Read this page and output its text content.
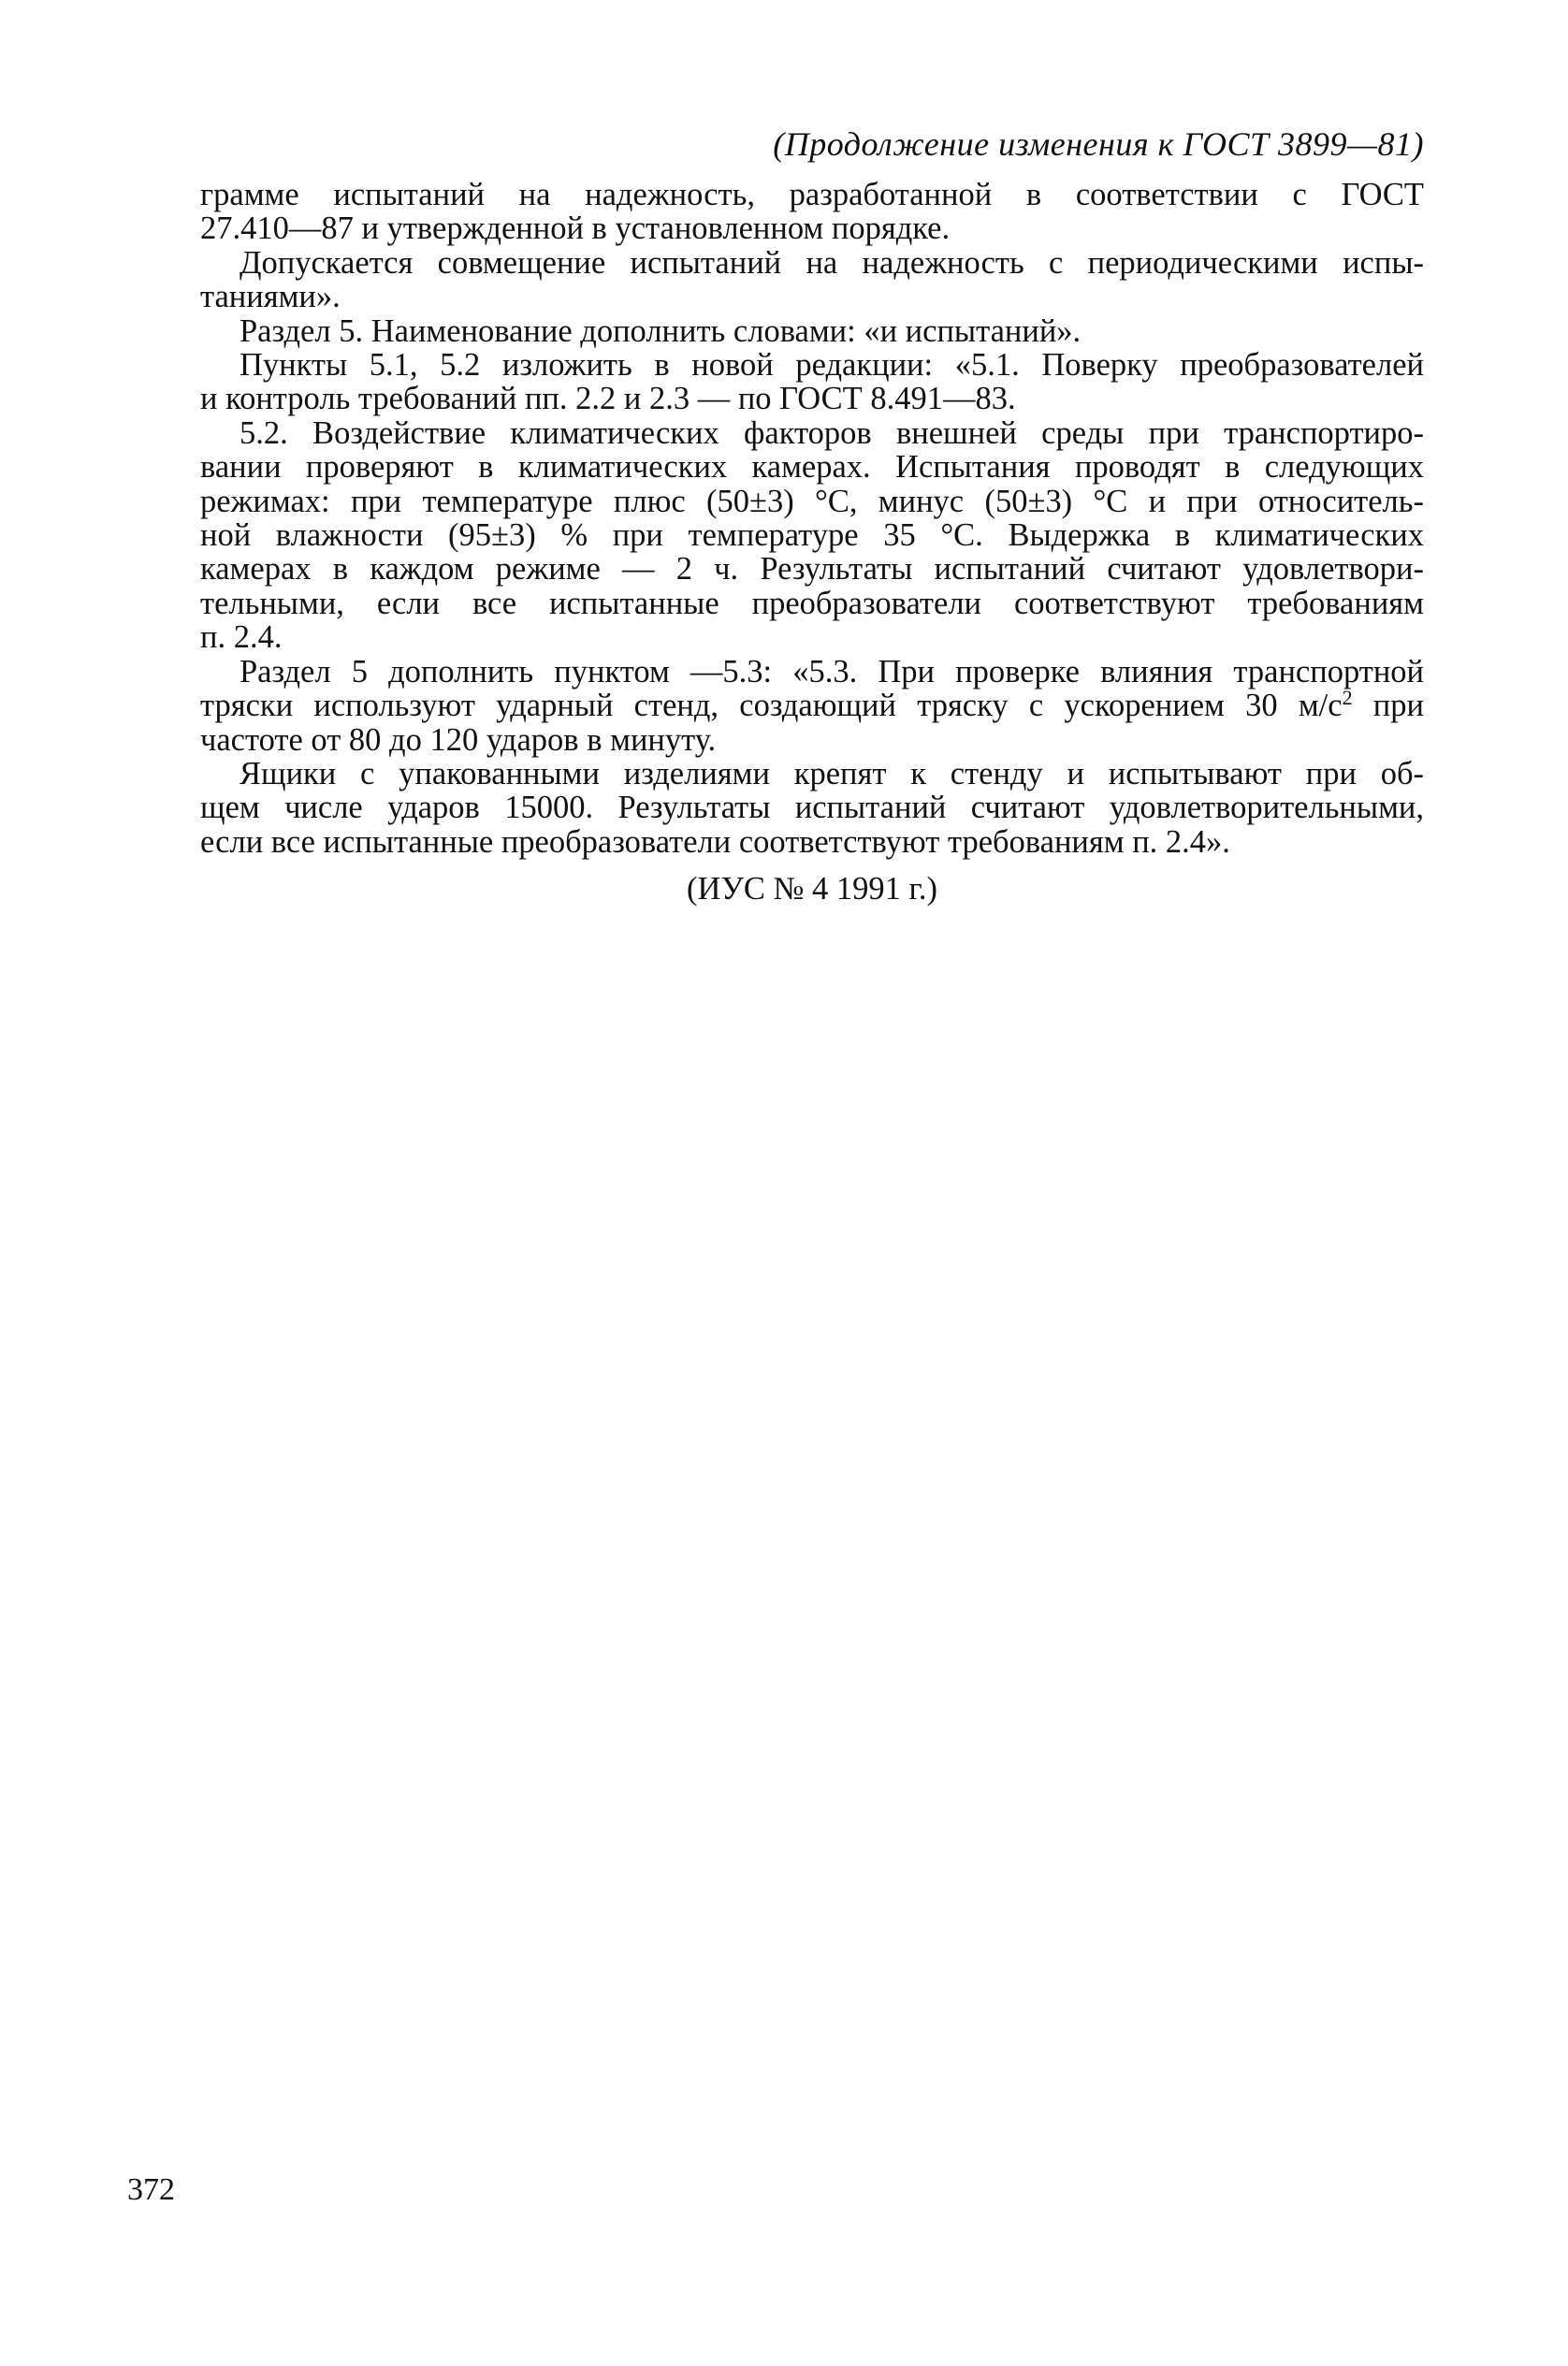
(Продолжение изменения к ГОСТ 3899—81)
грамме испытаний на надежность, разработанной в соответствии с ГОСТ
27.410—87 и утвержденной в установленном порядке.
Допускается совмещение испытаний на надежность с периодическими испы-
таниями».
Раздел 5. Наименование дополнить словами: «и испытаний».
Пункты 5.1, 5.2 изложить в новой редакции: «5.1. Поверку преобразователей
и контроль требований пп. 2.2 и 2.3 — по ГОСТ 8.491—83.
5.2. Воздействие климатических факторов внешней среды при транспортиро-
вании проверяют в климатических камерах. Испытания проводят в следующих
режимах: при температуре плюс (50±3) °С, минус (50±3) °С и при относитель-
ной влажности (95±3) % при температуре 35 °С. Выдержка в климатических
камерах в каждом режиме — 2 ч. Результаты испытаний считают удовлетвори-
тельными, если все испытанные преобразователи соответствуют требованиям
п. 2.4.
Раздел 5 дополнить пунктом —5.3: «5.3. При проверке влияния транспортной
тряски используют ударный стенд, создающий тряску с ускорением 30 $м/с^2$ при
частоте от 80 до 120 ударов в минуту.
Ящики с упакованными изделиями крепят к стенду и испытывают при об-
щем числе ударов 15000. Результаты испытаний считают удовлетворительными,
если все испытанные преобразователи соответствуют требованиям п. 2.4».
(ИУС № 4 1991 г.)
372
